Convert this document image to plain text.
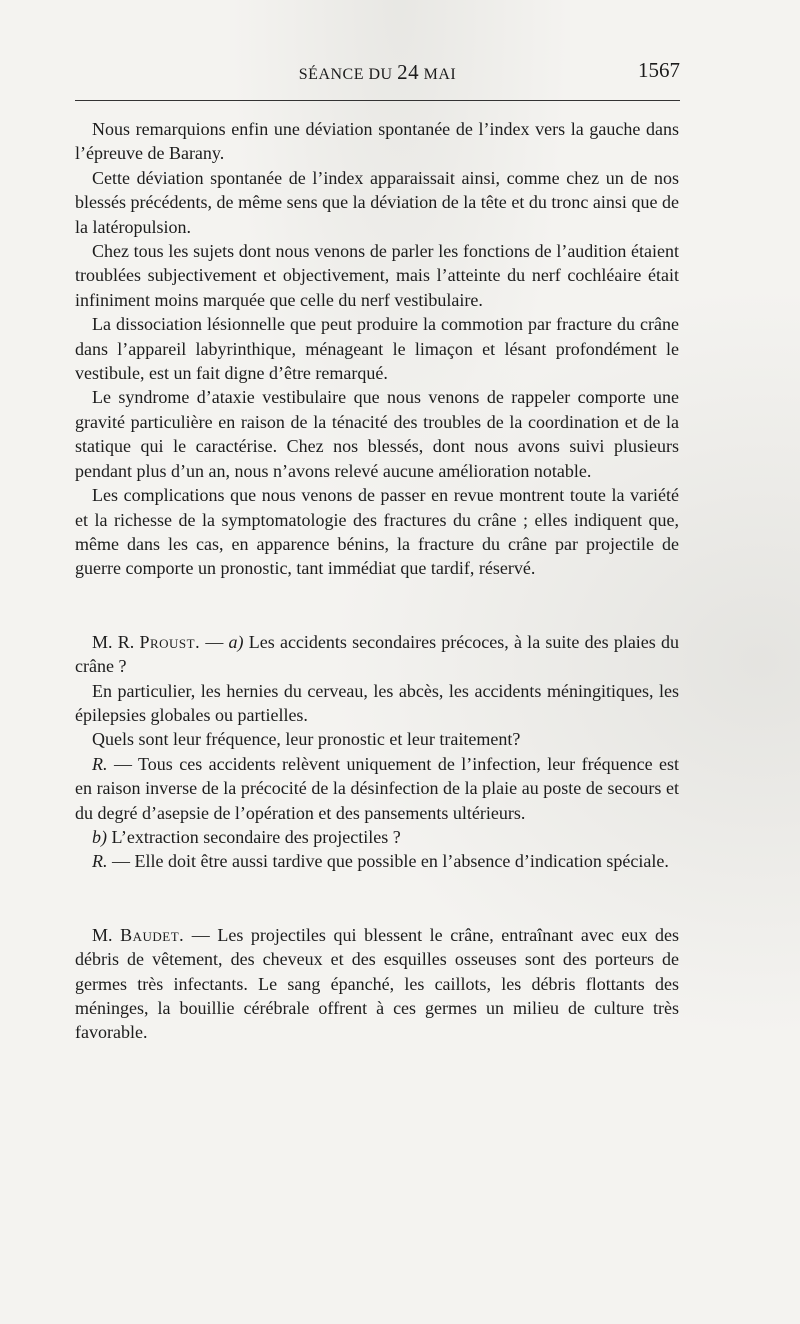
SÉANCE DU 24 MAI	1567

Nous remarquions enfin une déviation spontanée de l’index vers la gauche dans l’épreuve de Barany.

Cette déviation spontanée de l’index apparaissait ainsi, comme chez un de nos blessés précédents, de même sens que la déviation de la tête et du tronc ainsi que de la latéropulsion.

Chez tous les sujets dont nous venons de parler les fonctions de l’audition étaient troublées subjectivement et objectivement, mais l’atteinte du nerf cochléaire était infiniment moins marquée que celle du nerf vestibulaire.

La dissociation lésionnelle que peut produire la commotion par fracture du crâne dans l’appareil labyrinthique, ménageant le limaçon et lésant profondément le vestibule, est un fait digne d’être remarqué.

Le syndrome d’ataxie vestibulaire que nous venons de rappeler comporte une gravité particulière en raison de la ténacité des troubles de la coordination et de la statique qui le caractérise. Chez nos blessés, dont nous avons suivi plusieurs pendant plus d’un an, nous n’avons relevé aucune amélioration notable.

Les complications que nous venons de passer en revue montrent toute la variété et la richesse de la symptomatologie des fractures du crâne ; elles indiquent que, même dans les cas, en apparence bénins, la fracture du crâne par projectile de guerre comporte un pronostic, tant immédiat que tardif, réservé.

M. R. Proust. — a) Les accidents secondaires précoces, à la suite des plaies du crâne ?

En particulier, les hernies du cerveau, les abcès, les accidents méningitiques, les épilepsies globales ou partielles.

Quels sont leur fréquence, leur pronostic et leur traitement?

R. — Tous ces accidents relèvent uniquement de l’infection, leur fréquence est en raison inverse de la précocité de la désinfection de la plaie au poste de secours et du degré d’asepsie de l’opération et des pansements ultérieurs.

b) L’extraction secondaire des projectiles ?

R. — Elle doit être aussi tardive que possible en l’absence d’indication spéciale.

M. Baudet. — Les projectiles qui blessent le crâne, entraînant avec eux des débris de vêtement, des cheveux et des esquilles osseuses sont des porteurs de germes très infectants. Le sang épanché, les caillots, les débris flottants des méninges, la bouillie cérébrale offrent à ces germes un milieu de culture très favorable.
